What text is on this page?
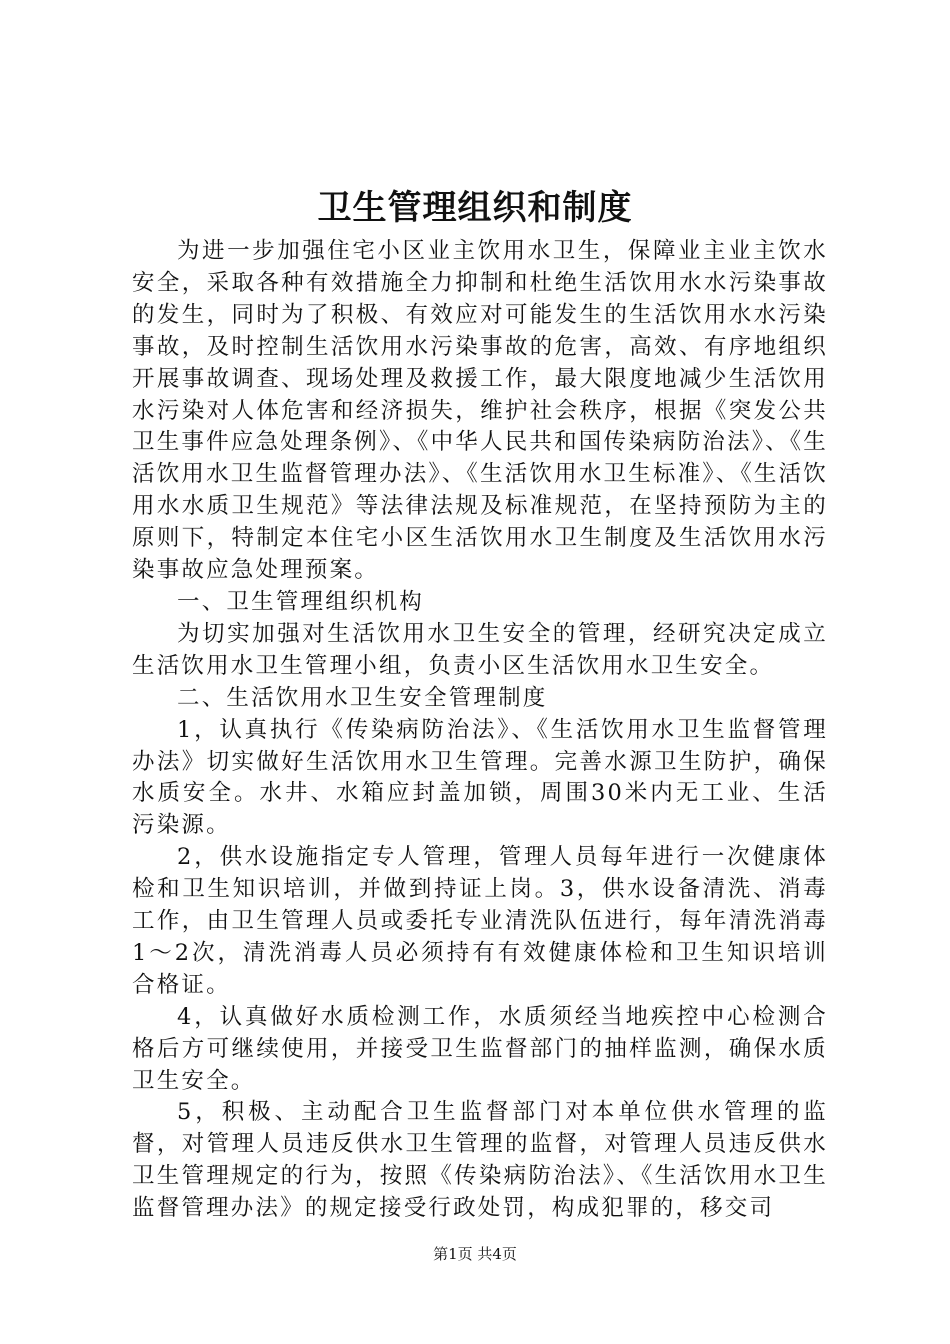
卫生管理组织和制度

为进一步加强住宅小区业主饮用水卫生，保障业主业主饮水安全，采取各种有效措施全力抑制和杜绝生活饮用水水污染事故的发生，同时为了积极、有效应对可能发生的生活饮用水水污染事故，及时控制生活饮用水污染事故的危害，高效、有序地组织开展事故调查、现场处理及救援工作，最大限度地减少生活饮用水污染对人体危害和经济损失，维护社会秩序，根据《突发公共卫生事件应急处理条例》、《中华人民共和国传染病防治法》、《生活饮用水卫生监督管理办法》、《生活饮用水卫生标准》、《生活饮用水水质卫生规范》等法律法规及标准规范，在坚持预防为主的原则下，特制定本住宅小区生活饮用水卫生制度及生活饮用水污染事故应急处理预案。

一、卫生管理组织机构

为切实加强对生活饮用水卫生安全的管理，经研究决定成立生活饮用水卫生管理小组，负责小区生活饮用水卫生安全。

二、生活饮用水卫生安全管理制度

1，认真执行《传染病防治法》、《生活饮用水卫生监督管理办法》切实做好生活饮用水卫生管理。完善水源卫生防护，确保水质安全。水井、水箱应封盖加锁，周围30米内无工业、生活污染源。

2，供水设施指定专人管理，管理人员每年进行一次健康体检和卫生知识培训，并做到持证上岗。3，供水设备清洗、消毒工作，由卫生管理人员或委托专业清洗队伍进行，每年清洗消毒1～2次，清洗消毒人员必须持有有效健康体检和卫生知识培训合格证。

4，认真做好水质检测工作，水质须经当地疾控中心检测合格后方可继续使用，并接受卫生监督部门的抽样监测，确保水质卫生安全。

5，积极、主动配合卫生监督部门对本单位供水管理的监督，对管理人员违反供水卫生管理的监督，对管理人员违反供水卫生管理规定的行为，按照《传染病防治法》、《生活饮用水卫生监督管理办法》的规定接受行政处罚，构成犯罪的，移交司

第1页 共4页
